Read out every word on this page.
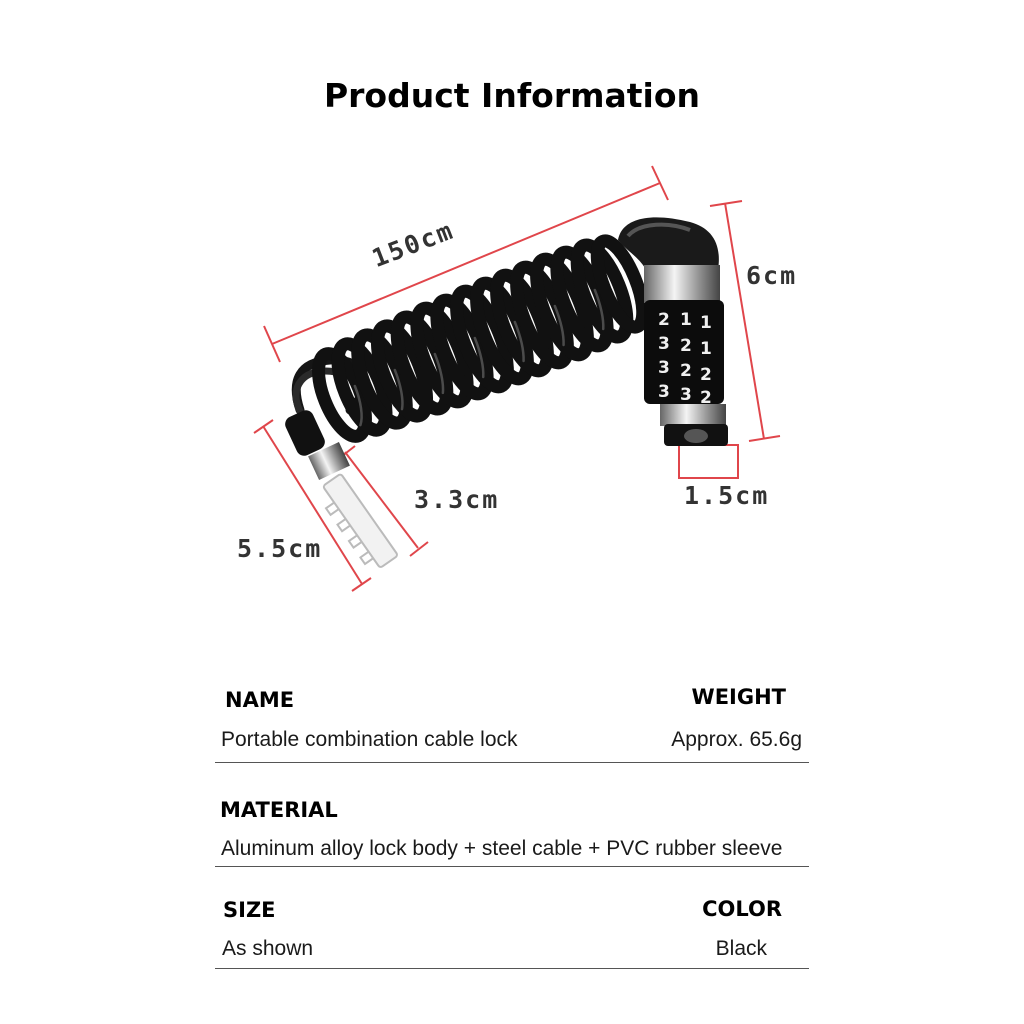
Product Information
2 1 1
3 2 1
3 2 2
3 3 2
150cm
6cm
1.5cm
3.3cm
5.5cm
NAME	WEIGHT
Portable combination cable lock	Approx. 65.6g
MATERIAL
Aluminum alloy lock body + steel cable + PVC rubber sleeve
SIZE	COLOR
As shown	Black
